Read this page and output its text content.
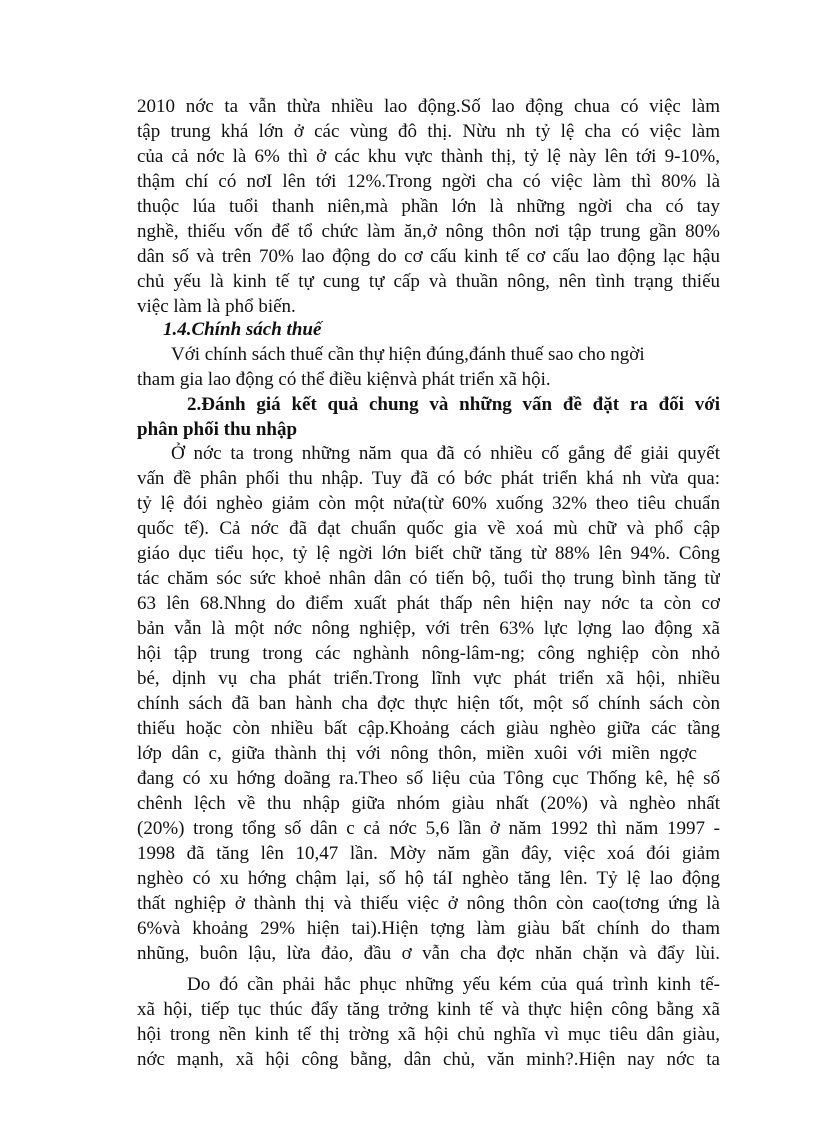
2010 nớc ta vẫn thừa nhiều lao động.Số lao động chua có việc làm
tập trung khá lớn ở các vùng đô thị. Nừu nh tỷ lệ cha có việc làm
của cả nớc là 6% thì ở các khu vực thành thị, tỷ lệ này lên tới 9-10%,
thậm chí có nơI lên tới 12%.Trong ngời cha có việc làm thì 80% là
thuộc lúa tuổi thanh niên,mà phần lớn là những ngời cha có tay
nghề, thiếu vốn để tổ chức làm ăn,ở nông thôn nơi tập trung gần 80%
dân số và trên 70% lao động do cơ cấu kinh tế cơ cấu lao động lạc hậu
chủ yếu là kinh tế tự cung tự cấp và thuần nông, nên tình trạng thiếu
việc làm là phổ biến.
1.4.Chính sách thuế
Với chính sách thuế cần thự hiện đúng,đánh thuế sao cho ngời
tham gia lao động có thể điều kiệnvà phát triển xã hội.
2.Đánh giá kết quả chung và những vấn đề đặt ra đối với
phân phối thu nhập
Ở nớc ta trong những năm qua đã có nhiều cố gắng để giải quyết
vấn đề phân phối thu nhập. Tuy đã có bớc phát triển khá nh vừa qua:
tỷ lệ đói nghèo giảm còn một nửa(từ 60% xuống 32% theo tiêu chuẩn
quốc tế). Cả nớc đã đạt chuẩn quốc gia về xoá mù chữ và phổ cập
giáo dục tiểu học, tỷ lệ ngời lớn biết chữ tăng từ 88% lên 94%. Công
tác chăm sóc sức khoẻ nhân dân có tiến bộ, tuổi thọ trung bình tăng từ
63 lên 68.Nhng do điểm xuất phát thấp nên hiện nay nớc ta còn cơ
bản vẫn là một nớc nông nghiệp, với trên 63% lực lợng lao động xã
hội tập trung trong các nghành nông-lâm-ng; công nghiệp còn nhỏ
bé, dịnh vụ cha phát triển.Trong lĩnh vực phát triển xã hội, nhiều
chính sách đã ban hành cha đợc thực hiện tốt, một số chính sách còn
thiếu hoặc còn nhiều bất cập.Khoảng cách giàu nghèo giữa các tầng
lớp dân c, giữa thành thị với nông thôn, miền xuôi với miền ngợc
đang có xu hớng doãng ra.Theo số liệu của Tông cục Thống kê, hệ số
chênh lệch về thu nhập giữa nhóm giàu nhất (20%) và nghèo nhất
(20%) trong tổng số dân c cả nớc 5,6 lần ở năm 1992 thì năm 1997 -
1998 đã tăng lên 10,47 lần. Mờy năm gần đây, việc xoá đói giảm
nghèo có xu hớng chậm lại, số hộ táI nghèo tăng lên. Tỷ lệ lao động
thất nghiệp ở thành thị và thiếu việc ở nông thôn còn cao(tơng ứng là
6%và khoảng 29% hiện tai).Hiện tợng làm giàu bất chính do tham
nhũng, buôn lậu, lừa đảo, đầu ơ vẫn cha đợc nhăn chặn và đẩy lùi.
Do đó cần phải hắc phục những yếu kém của quá trình kinh tế-
xã hội, tiếp tục thúc đẩy tăng trởng kinh tế và thực hiện công bằng xã
hội trong nền kinh tế thị trờng xã hội chủ nghĩa vì mục tiêu dân giàu,
nớc mạnh, xã hội công bằng, dân chủ, văn minh?.Hiện nay nớc ta
